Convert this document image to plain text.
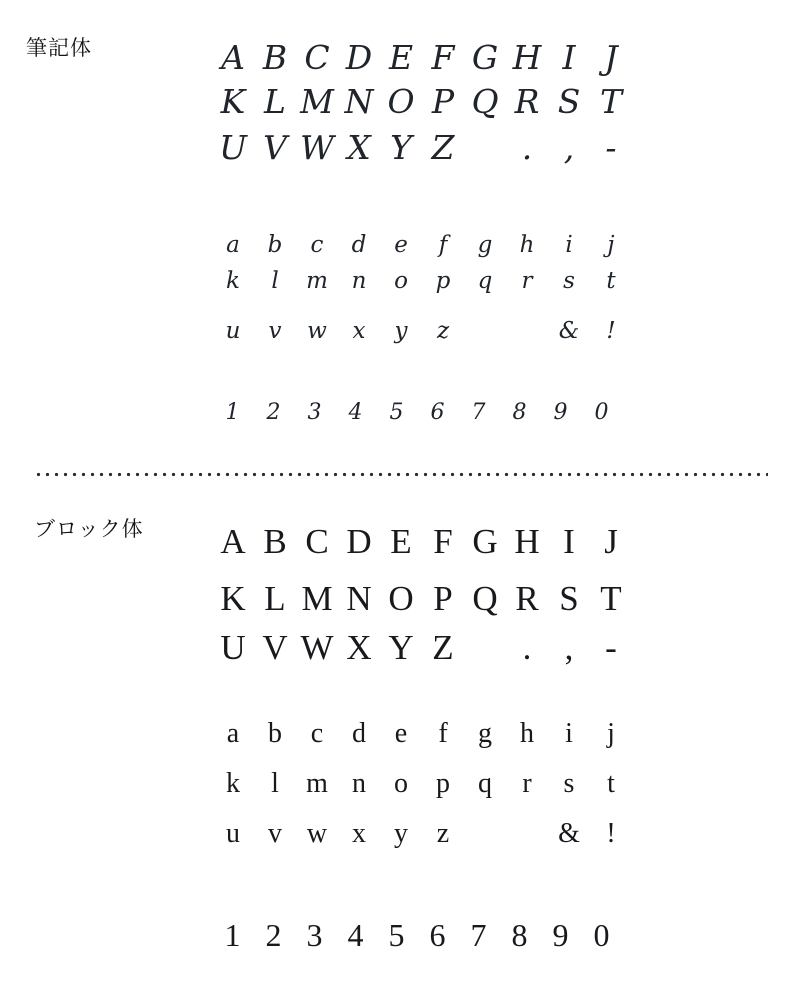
筆記体	A B C D E F G H I J
K L M N O P Q R S T
U V W X Y Z	. , -
a	b	c	d	e	f	g	h	i	j
k	l	m	n	o	p	q	r	s	t
u	v	w	x	y	z	&	!
1	2	3	4	5	6	7	8	9	0
ブロック体 A B C D E F G H I J
K L M N O P Q R S T
U V W X Y Z	. , -
a	b	c	d	e	f	g	h	i	j
k	l m n	o	p	q	r	s	t
u	v w x	y	z	& !
1 2 3 4 5 6 7 8 9 0
